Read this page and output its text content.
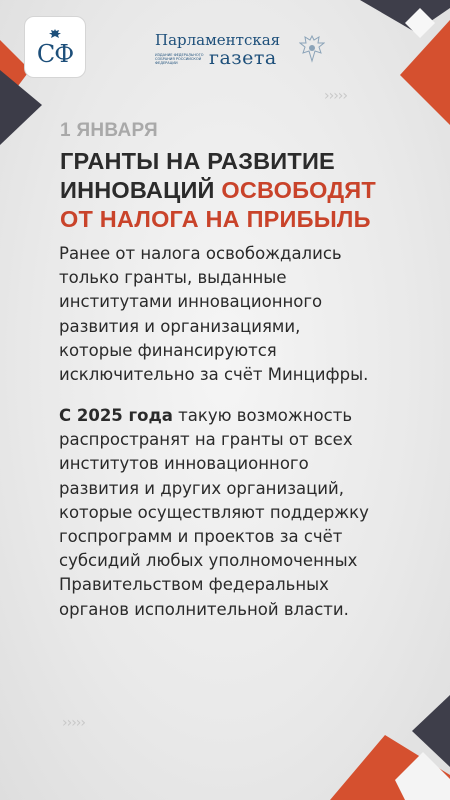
СФ	Парламентская
ИЗДАНИЕ ФЕДЕРАЛЬНОГО СОБРАНИЯ РОССИЙСКОЙ ФЕДЕРАЦИИ	газета
›››››
1 ЯНВАРЯ
ГРАНТЫ НА РАЗВИТИЕ
ИННОВАЦИЙ ОСВОБОДЯТ
ОТ НАЛОГА НА ПРИБЫЛЬ
Ранее от налога освобождались
только гранты, выданные
институтами инновационного
развития и организациями,
которые финансируются
исключительно за счёт Минцифры.
С 2025 года такую возможность
распространят на гранты от всех
институтов инновационного
развития и других организаций,
которые осуществляют поддержку
госпрограмм и проектов за счёт
субсидий любых уполномоченных
Правительством федеральных
органов исполнительной власти.
›››››
